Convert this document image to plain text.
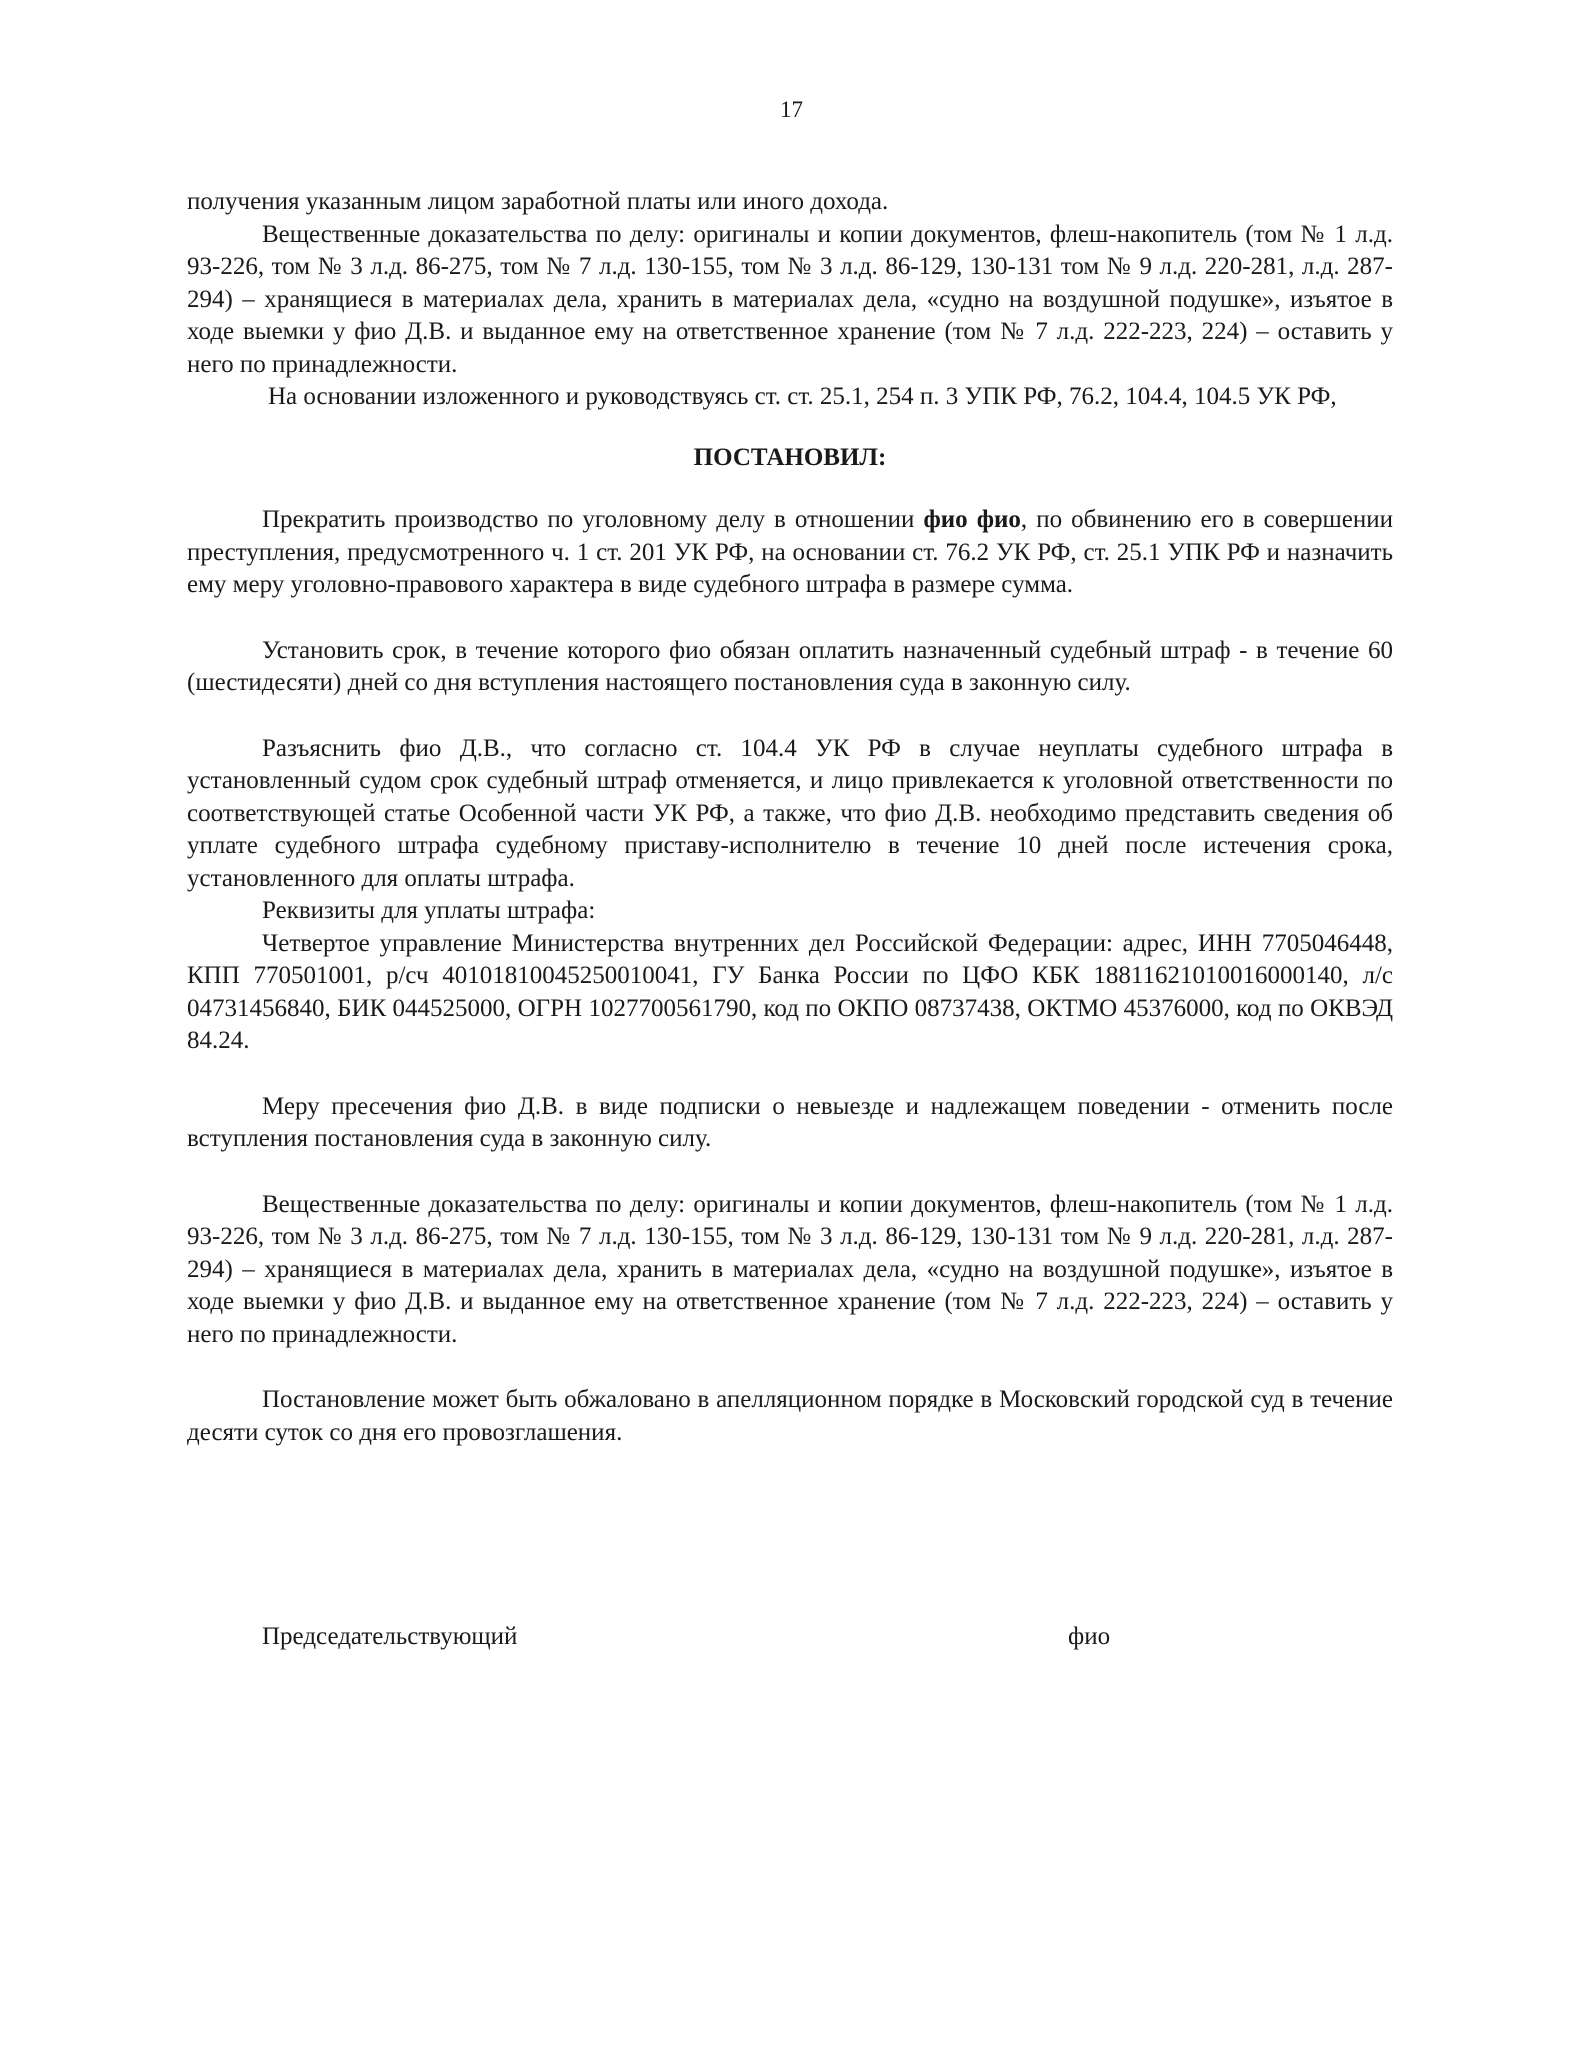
17

получения указанным лицом заработной платы или иного дохода.

Вещественные доказательства по делу: оригиналы и копии документов, флеш-накопитель (том № 1 л.д. 93-226, том № 3 л.д. 86-275, том № 7 л.д. 130-155, том № 3 л.д. 86-129, 130-131 том № 9 л.д. 220-281, л.д. 287-294) – хранящиеся в материалах дела, хранить в материалах дела, «судно на воздушной подушке», изъятое в ходе выемки у фио Д.В. и выданное ему на ответственное хранение (том № 7 л.д. 222-223, 224) – оставить у него по принадлежности.

На основании изложенного и руководствуясь ст. ст. 25.1, 254 п. 3 УПК РФ, 76.2, 104.4, 104.5 УК РФ,

ПОСТАНОВИЛ:

Прекратить производство по уголовному делу в отношении фио фио, по обвинению его в совершении преступления, предусмотренного ч. 1 ст. 201 УК РФ, на основании ст. 76.2 УК РФ, ст. 25.1 УПК РФ и назначить ему меру уголовно-правового характера в виде судебного штрафа в размере сумма.

Установить срок, в течение которого фио обязан оплатить назначенный судебный штраф - в течение 60 (шестидесяти) дней со дня вступления настоящего постановления суда в законную силу.

Разъяснить фио Д.В., что согласно ст. 104.4 УК РФ в случае неуплаты судебного штрафа в установленный судом срок судебный штраф отменяется, и лицо привлекается к уголовной ответственности по соответствующей статье Особенной части УК РФ, а также, что фио Д.В. необходимо представить сведения об уплате судебного штрафа судебному приставу-исполнителю в течение 10 дней после истечения срока, установленного для оплаты штрафа.

Реквизиты для уплаты штрафа:

Четвертое управление Министерства внутренних дел Российской Федерации: адрес, ИНН 7705046448, КПП 770501001, р/сч 40101810045250010041, ГУ Банка России по ЦФО КБК 18811621010016000140, л/с 04731456840, БИК 044525000, ОГРН 1027700561790, код по ОКПО 08737438, ОКТМО 45376000, код по ОКВЭД 84.24.

Меру пресечения фио Д.В. в виде подписки о невыезде и надлежащем поведении - отменить после вступления постановления суда в законную силу.

Вещественные доказательства по делу: оригиналы и копии документов, флеш-накопитель (том № 1 л.д. 93-226, том № 3 л.д. 86-275, том № 7 л.д. 130-155, том № 3 л.д. 86-129, 130-131 том № 9 л.д. 220-281, л.д. 287-294) – хранящиеся в материалах дела, хранить в материалах дела, «судно на воздушной подушке», изъятое в ходе выемки у фио Д.В. и выданное ему на ответственное хранение (том № 7 л.д. 222-223, 224) – оставить у него по принадлежности.

Постановление может быть обжаловано в апелляционном порядке в Московский городской суд в течение десяти суток со дня его провозглашения.

Председательствующий	фио
